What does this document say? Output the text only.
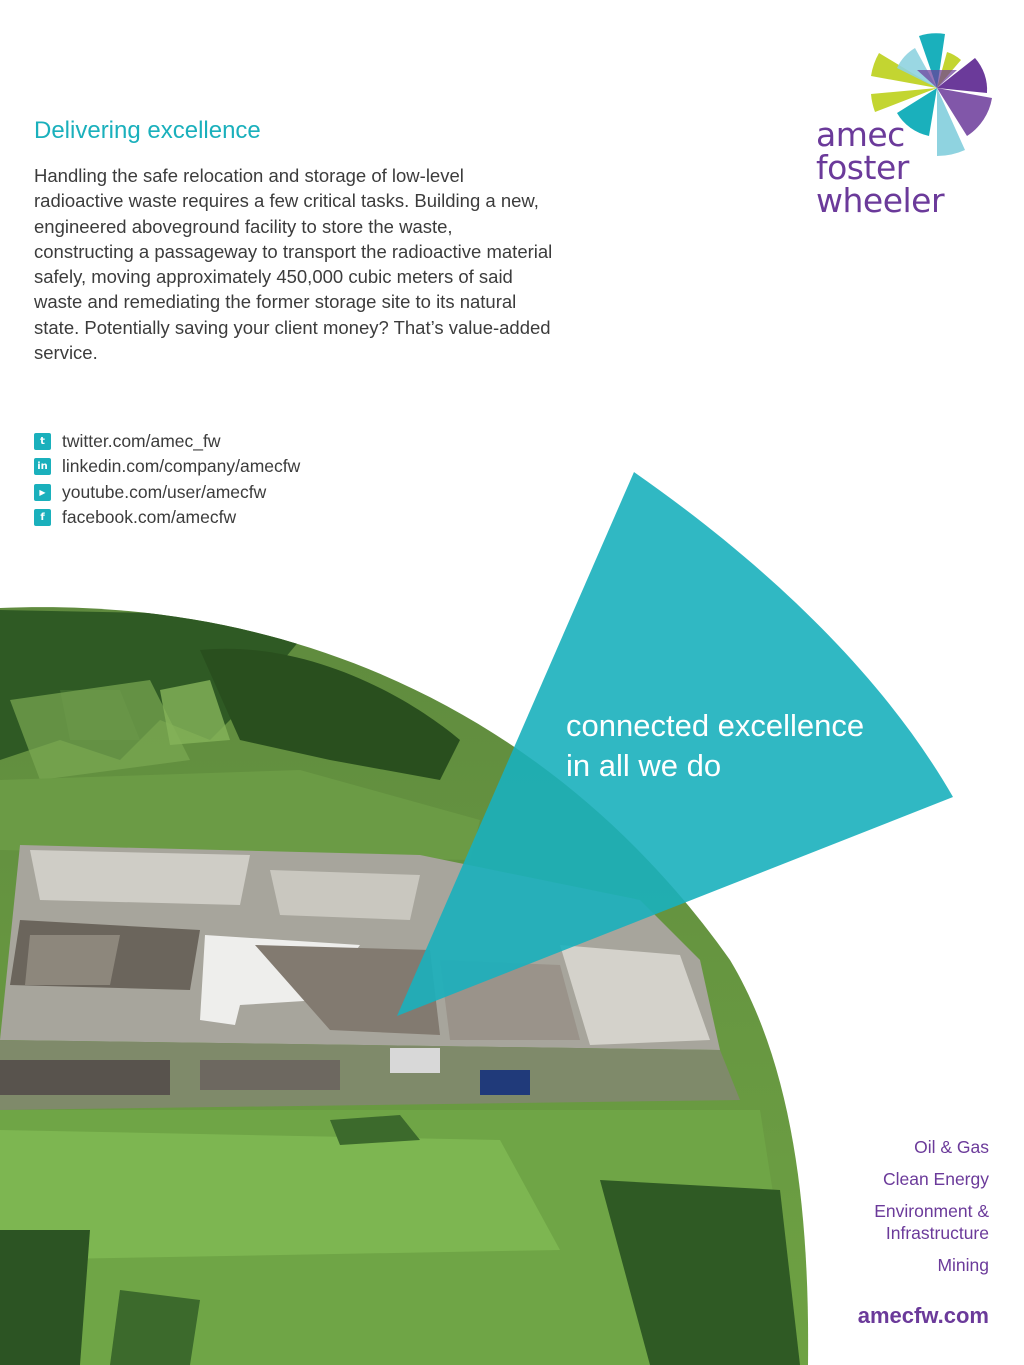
Delivering excellence
Handling the safe relocation and storage of low-level radioactive waste requires a few critical tasks. Building a new, engineered aboveground facility to store the waste, constructing a passageway to transport the radioactive material safely, moving approximately 450,000 cubic meters of said waste and remediating the former storage site to its natural state. Potentially saving your client money? That’s value-added service.
t twitter.com/amec_fw
in linkedin.com/company/amecfw
▶ youtube.com/user/amecfw
f facebook.com/amecfw
amec
foster
wheeler
connected excellence
in all we do
Oil & Gas
Clean Energy
Environment &
Infrastructure
Mining
amecfw.com
